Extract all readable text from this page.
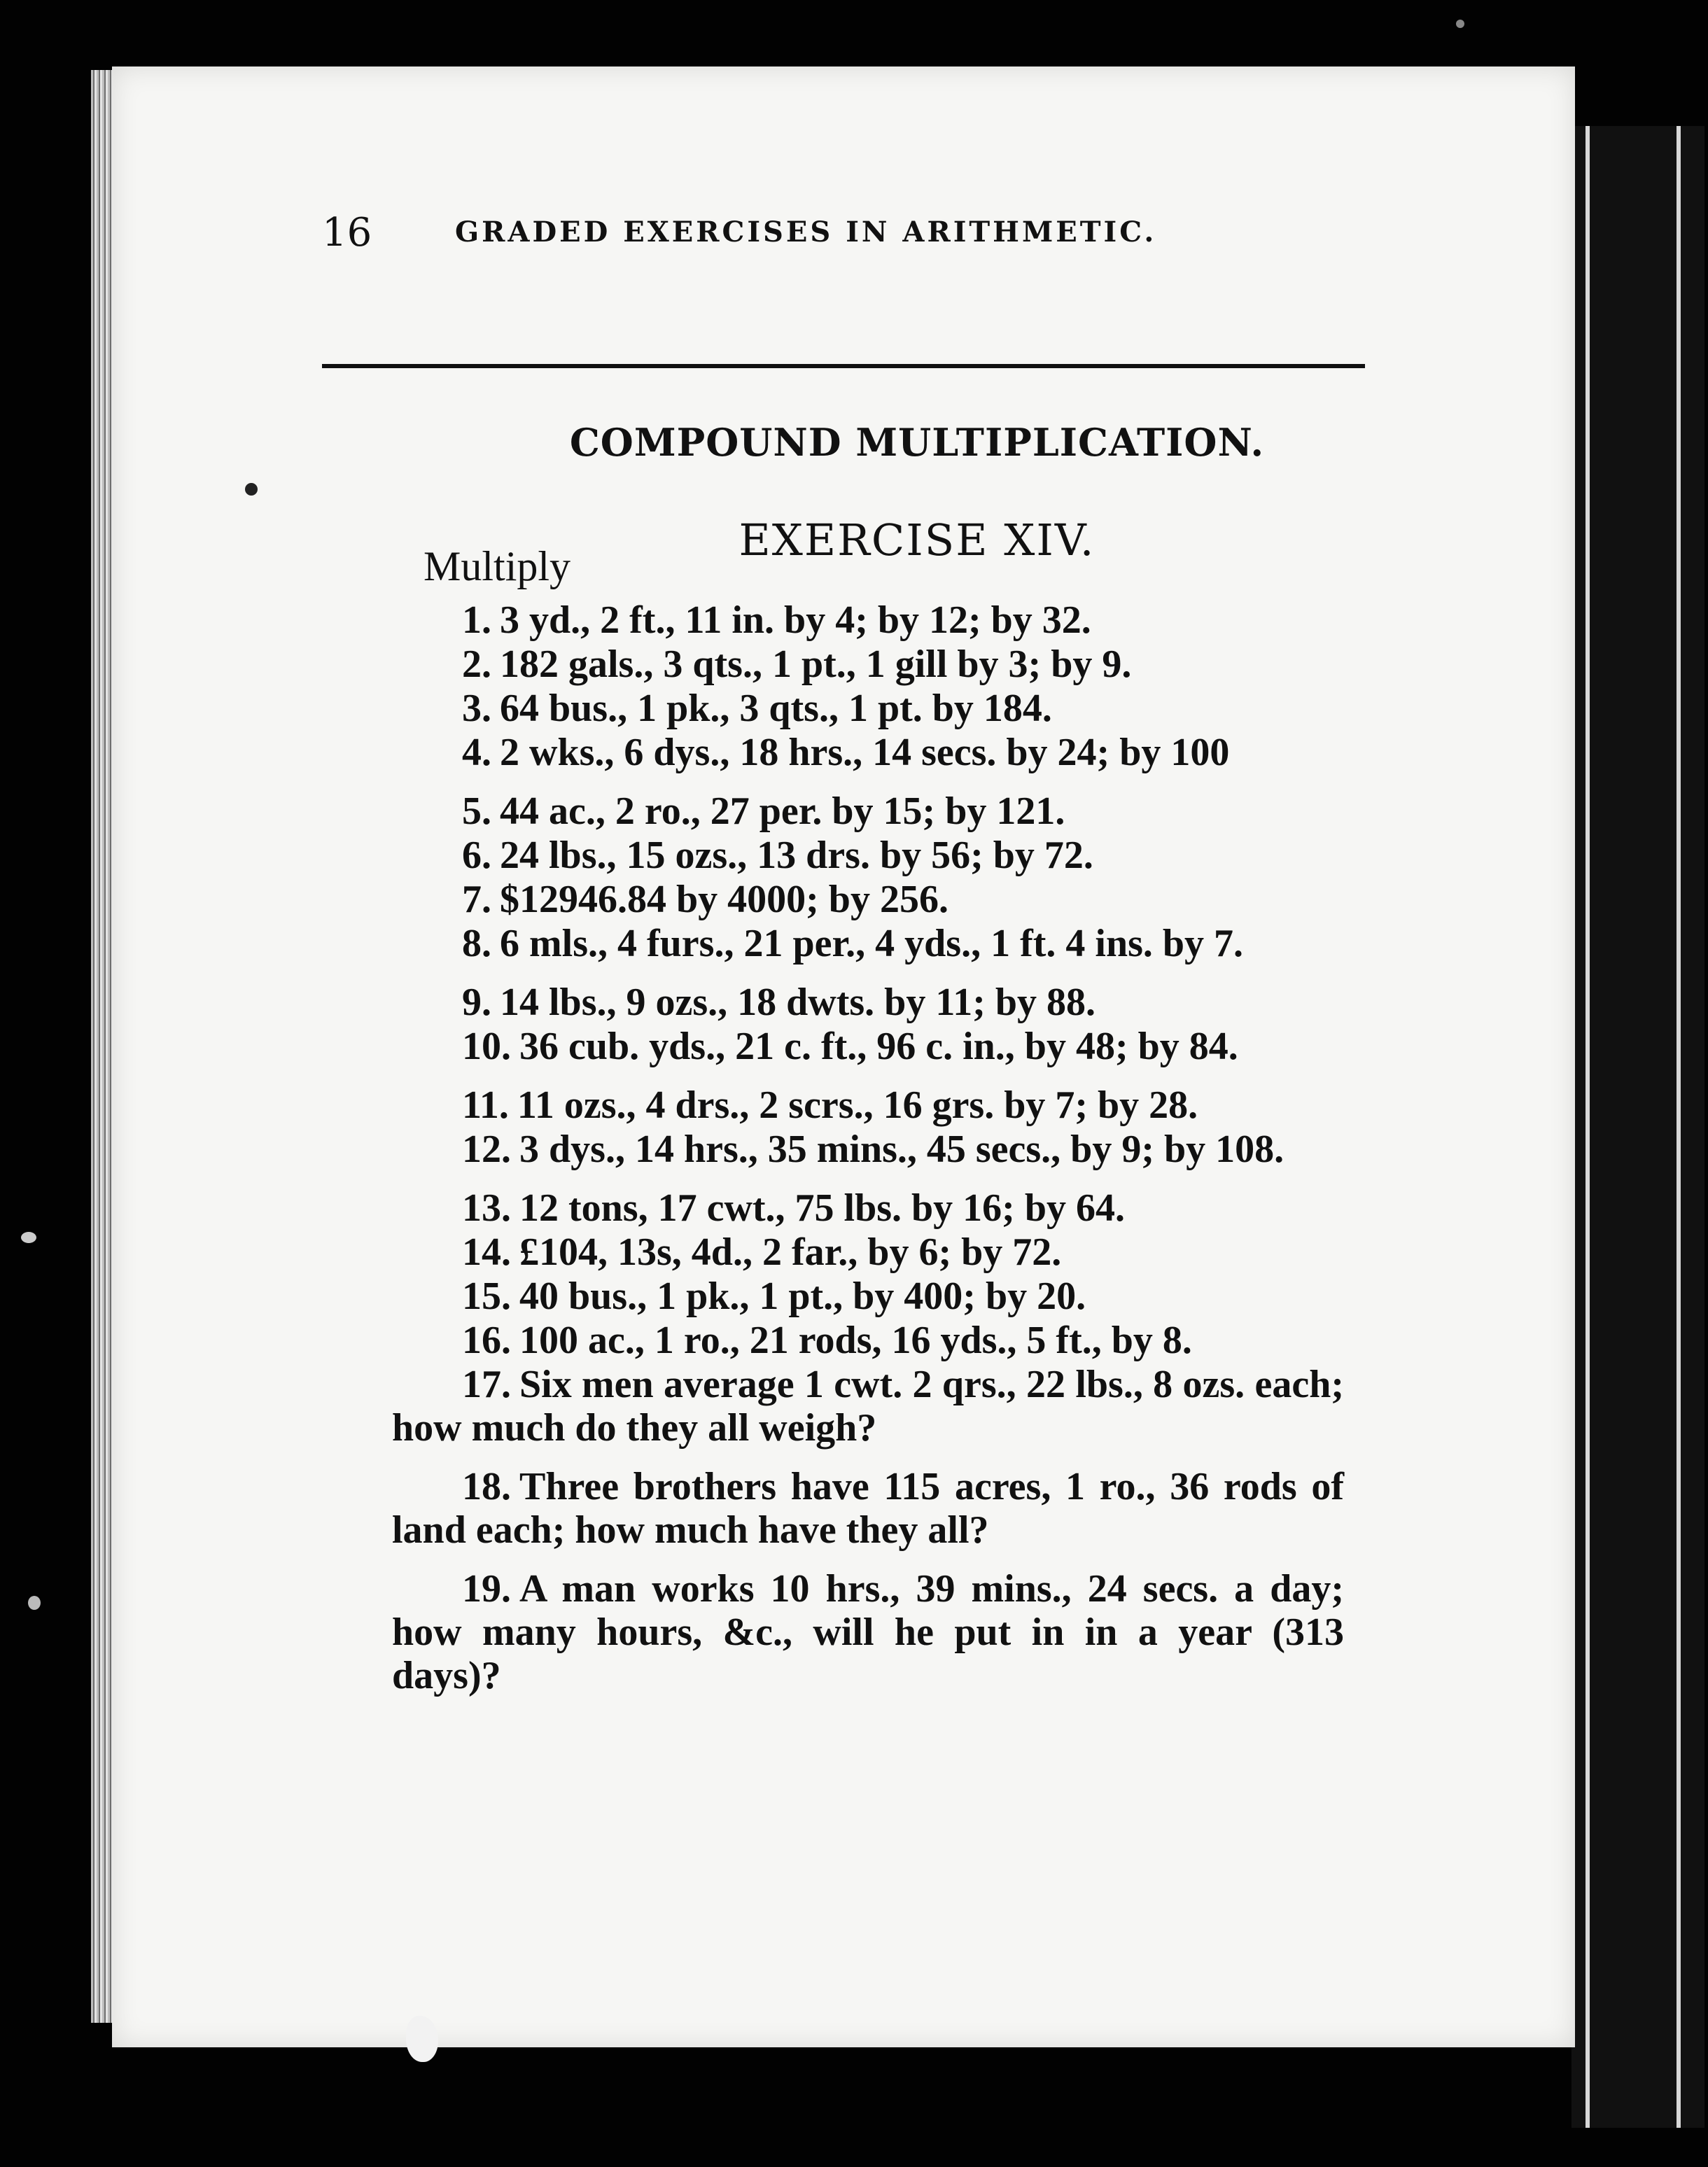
16	GRADED EXERCISES IN ARITHMETIC.
COMPOUND MULTIPLICATION.
EXERCISE XIV.
Multiply
1. 3 yd., 2 ft., 11 in. by 4; by 12; by 32.
2. 182 gals., 3 qts., 1 pt., 1 gill by 3; by 9.
3. 64 bus., 1 pk., 3 qts., 1 pt. by 184.
4. 2 wks., 6 dys., 18 hrs., 14 secs. by 24; by 100
5. 44 ac., 2 ro., 27 per. by 15; by 121.
6. 24 lbs., 15 ozs., 13 drs. by 56; by 72.
7. $12946.84 by 4000; by 256.
8. 6 mls., 4 furs., 21 per., 4 yds., 1 ft. 4 ins. by 7.
9. 14 lbs., 9 ozs., 18 dwts. by 11; by 88.
10. 36 cub. yds., 21 c. ft., 96 c. in., by 48; by 84.
11. 11 ozs., 4 drs., 2 scrs., 16 grs. by 7; by 28.
12. 3 dys., 14 hrs., 35 mins., 45 secs., by 9; by 108.
13. 12 tons, 17 cwt., 75 lbs. by 16; by 64.
14. £104, 13s, 4d., 2 far., by 6; by 72.
15. 40 bus., 1 pk., 1 pt., by 400; by 20.
16. 100 ac., 1 ro., 21 rods, 16 yds., 5 ft., by 8.
17. Six men average 1 cwt. 2 qrs., 22 lbs., 8 ozs. each; how much do they all weigh?
18. Three brothers have 115 acres, 1 ro., 36 rods of land each; how much have they all?
19. A man works 10 hrs., 39 mins., 24 secs. a day; how many hours, &c., will he put in in a year (313 days)?
